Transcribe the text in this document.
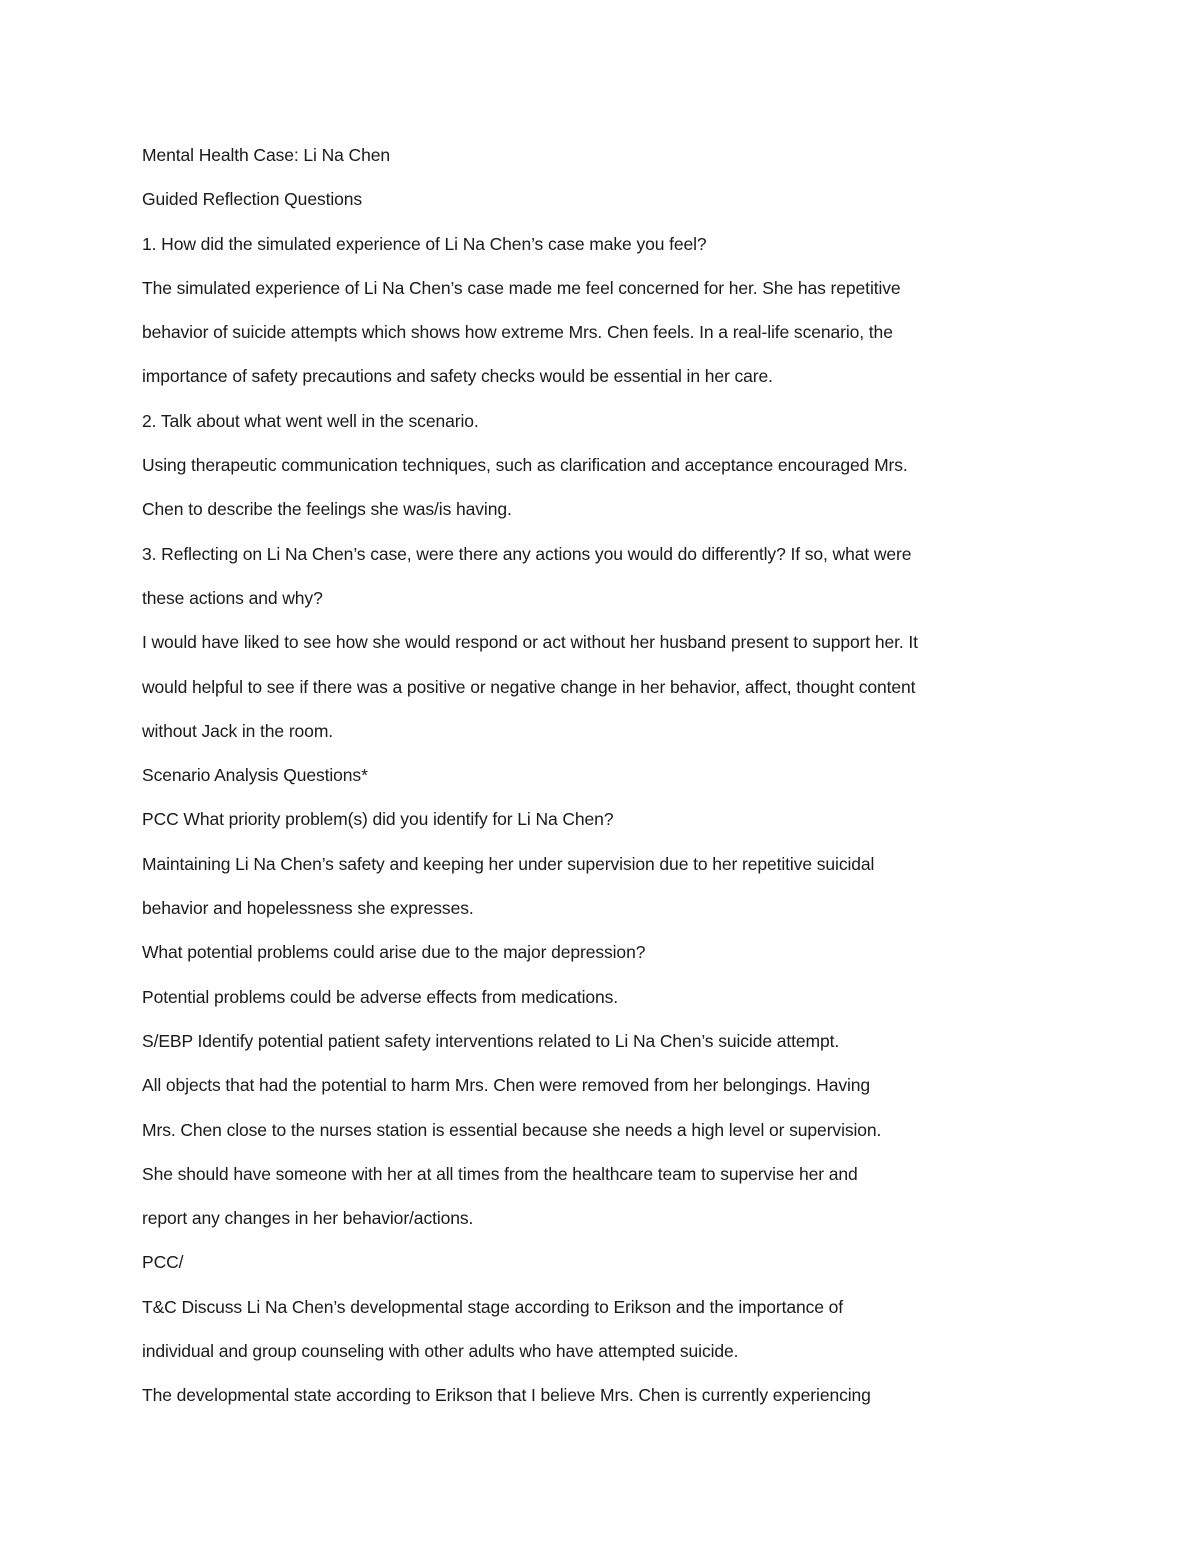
Mental Health Case: Li Na Chen
Guided Reflection Questions
1. How did the simulated experience of Li Na Chen’s case make you feel?
The simulated experience of Li Na Chen’s case made me feel concerned for her. She has repetitive
behavior of suicide attempts which shows how extreme Mrs. Chen feels. In a real-life scenario, the
importance of safety precautions and safety checks would be essential in her care.
2. Talk about what went well in the scenario.
Using therapeutic communication techniques, such as clarification and acceptance encouraged Mrs.
Chen to describe the feelings she was/is having.
3. Reflecting on Li Na Chen’s case, were there any actions you would do differently? If so, what were
these actions and why?
I would have liked to see how she would respond or act without her husband present to support her. It
would helpful to see if there was a positive or negative change in her behavior, affect, thought content
without Jack in the room.
Scenario Analysis Questions*
PCC What priority problem(s) did you identify for Li Na Chen?
Maintaining Li Na Chen’s safety and keeping her under supervision due to her repetitive suicidal
behavior and hopelessness she expresses.
What potential problems could arise due to the major depression?
Potential problems could be adverse effects from medications.
S/EBP Identify potential patient safety interventions related to Li Na Chen’s suicide attempt.
All objects that had the potential to harm Mrs. Chen were removed from her belongings. Having
Mrs. Chen close to the nurses station is essential because she needs a high level or supervision.
She should have someone with her at all times from the healthcare team to supervise her and
report any changes in her behavior/actions.
PCC/
T&C Discuss Li Na Chen’s developmental stage according to Erikson and the importance of
individual and group counseling with other adults who have attempted suicide.
The developmental state according to Erikson that I believe Mrs. Chen is currently experiencing
